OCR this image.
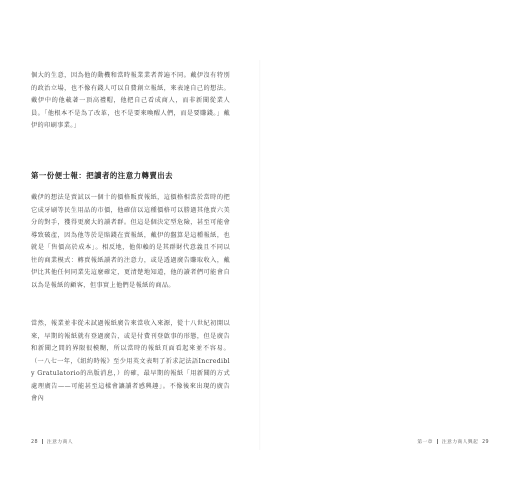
個大的生意，因為他的動機和當時報業業者普遍不同。戴伊沒有特別的政治立場，也不像有錢人可以自費創立報紙，來表達自己的想法。戴伊中的他載著一頂高禮帽，他把自己看成商人，而非新聞從業人員。「他根本不是為了改革，也不是要來喚醒人們，而是要賺錢。」戴伊的印刷事業。」
第一份便士報：把讀者的注意力轉賣出去
戴伊的想法是賣試以一個十的價格販賣報紙，這價格相當於當時的把它成牙刷等民生用品的市價，他確信以這種價格可以勝過其他賣六美分的對手，獲得更廣大的讀者群。但這是個決定型危險，甚至可能會導致破產，因為他等於是賠錢在賣報紙，戴伊的盤算是這種報紙，也就是「售價高於成本」。相反地，他仰賴的是其群財代意義且不同以往的商業模式：轉賣報紙讀者的注意力，或是透過廣告賺取收入，戴伊比其他任何同業先這麼確定，更清楚地知道，他的讀者們可能會自以為是報紙的顧客，但事實上他們是報紙的商品。
當然，報業並非從未試過報紙廣告來當收入來源，從十八世紀初開以來，早期的報紙就有登過廣告，或是付費刊登啟事的形態，但是廣告和新聞之間的界限很模糊，所以當時的報紙頁面看起來並不容易。（一八七一年，《紐約時報》至少用英文表明了祈求記法語Incredibly Gratulatorio的出版消息，）的確，最早期的報紙「用新聞的方式處理廣告——可能甚至這樣會讓讀者感興趣」。不像後來出現的廣告會內
28 注意力商人	第一章 注意力商人興起 29
